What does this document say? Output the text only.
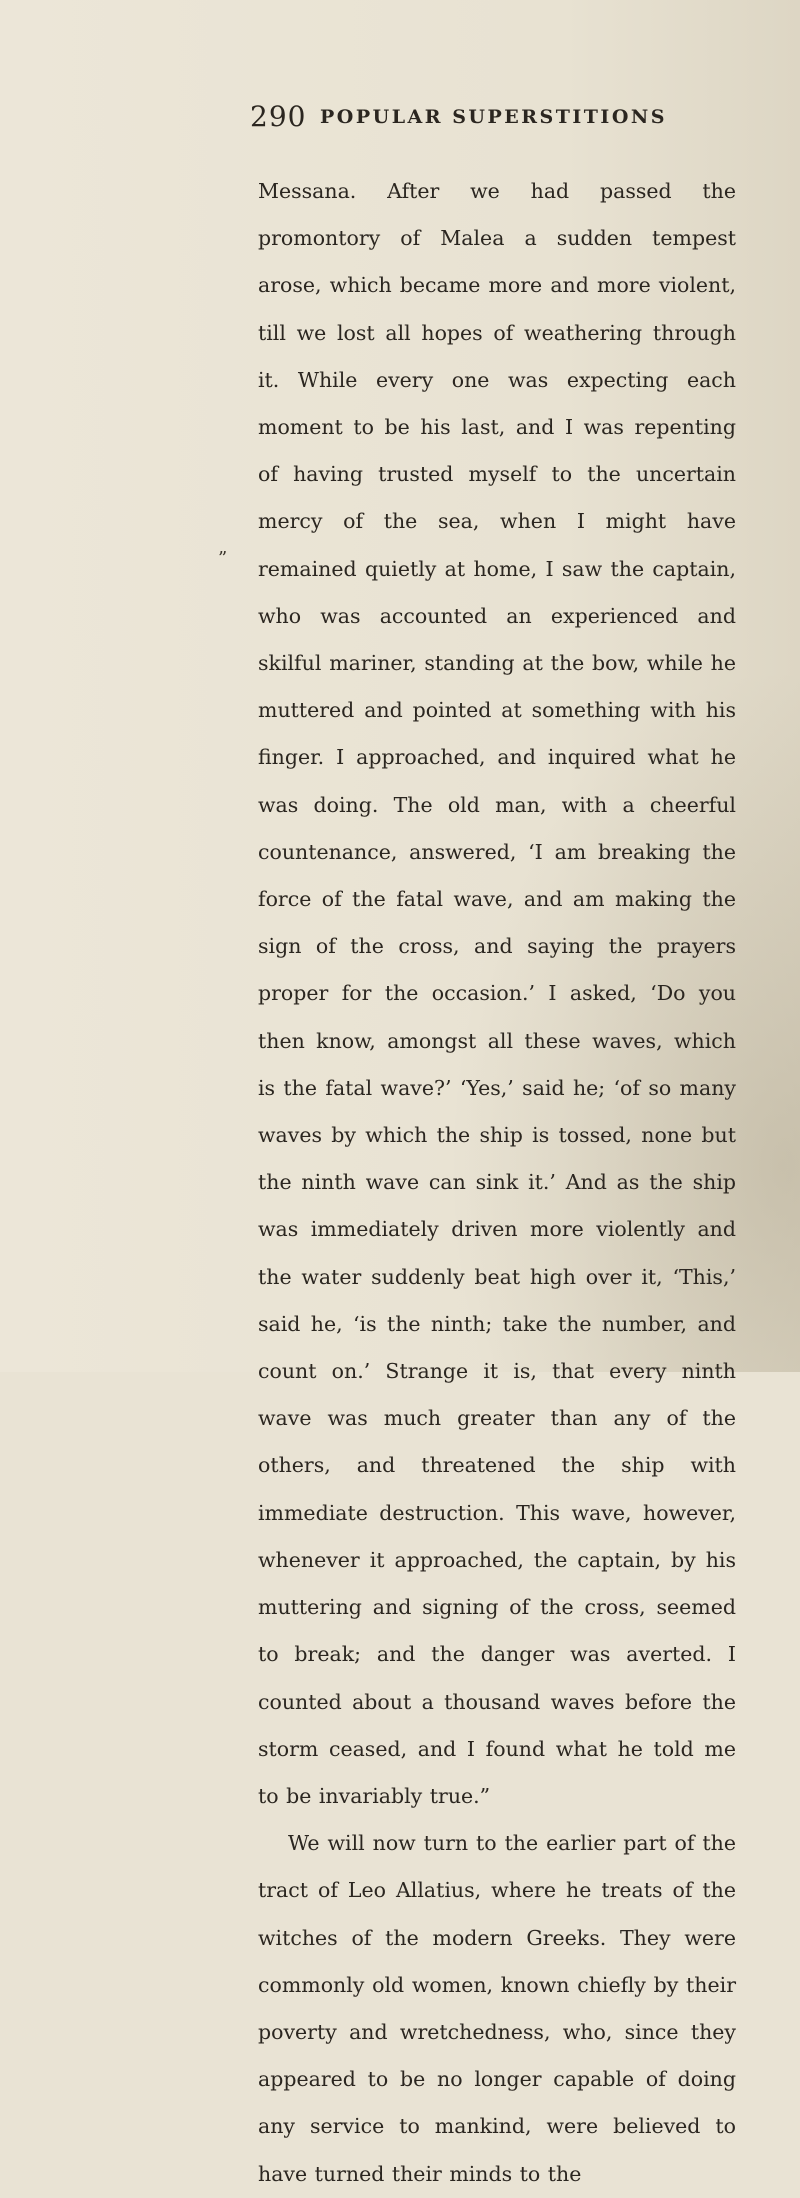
290 POPULAR SUPERSTITIONS
”

Messana. After we had passed the promontory of Malea a sudden tempest arose, which became more and more violent, till we lost all hopes of weathering through it. While every one was expecting each moment to be his last, and I was repenting of having trusted myself to the uncertain mercy of the sea, when I might have remained quietly at home, I saw the captain, who was accounted an experienced and skilful mariner, standing at the bow, while he muttered and pointed at something with his finger. I approached, and inquired what he was doing. The old man, with a cheerful countenance, answered, ‘I am breaking the force of the fatal wave, and am making the sign of the cross, and saying the prayers proper for the occasion.’ I asked, ‘Do you then know, amongst all these waves, which is the fatal wave?’ ‘Yes,’ said he; ‘of so many waves by which the ship is tossed, none but the ninth wave can sink it.’ And as the ship was immediately driven more violently and the water suddenly beat high over it, ‘This,’ said he, ‘is the ninth; take the number, and count on.’ Strange it is, that every ninth wave was much greater than any of the others, and threatened the ship with immediate destruction. This wave, however, whenever it approached, the captain, by his muttering and signing of the cross, seemed to break; and the danger was averted. I counted about a thousand waves before the storm ceased, and I found what he told me to be invariably true.”

We will now turn to the earlier part of the tract of Leo Allatius, where he treats of the witches of the modern Greeks. They were commonly old women, known chiefly by their poverty and wretchedness, who, since they appeared to be no longer capable of doing any service to mankind, were believed to have turned their minds to the
